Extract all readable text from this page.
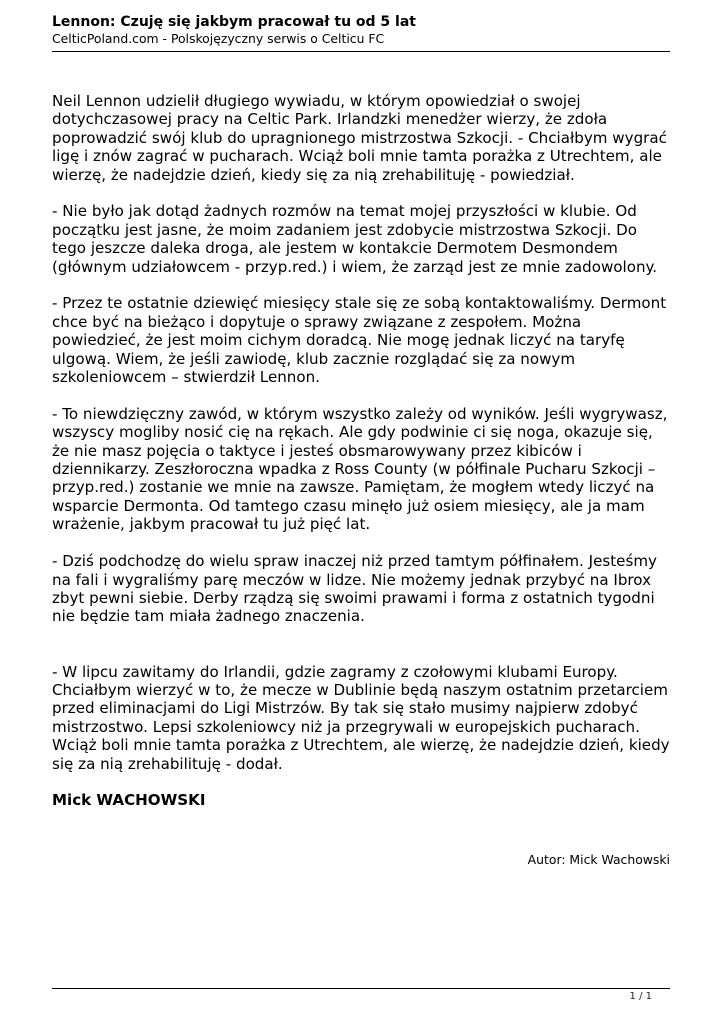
Lennon: Czuję się jakbym pracował tu od 5 lat

CelticPoland.com - Polskojęzyczny serwis o Celticu FC

Neil Lennon udzielił długiego wywiadu, w którym opowiedział o swojej dotychczasowej pracy na Celtic Park. Irlandzki menedżer wierzy, że zdoła poprowadzić swój klub do upragnionego mistrzostwa Szkocji. - Chciałbym wygrać ligę i znów zagrać w pucharach. Wciąż boli mnie tamta porażka z Utrechtem, ale wierzę, że nadejdzie dzień, kiedy się za nią zrehabilituję - powiedział.

- Nie było jak dotąd żadnych rozmów na temat mojej przyszłości w klubie. Od początku jest jasne, że moim zadaniem jest zdobycie mistrzostwa Szkocji. Do tego jeszcze daleka droga, ale jestem w kontakcie Dermotem Desmondem (głównym udziałowcem - przyp.red.) i wiem, że zarząd jest ze mnie zadowolony.

- Przez te ostatnie dziewięć miesięcy stale się ze sobą kontaktowaliśmy. Dermont chce być na bieżąco i dopytuje o sprawy związane z zespołem. Można powiedzieć, że jest moim cichym doradcą. Nie mogę jednak liczyć na taryfę ulgową. Wiem, że jeśli zawiodę, klub zacznie rozglądać się za nowym szkoleniowcem – stwierdził Lennon.

- To niewdzięczny zawód, w którym wszystko zależy od wyników. Jeśli wygrywasz, wszyscy mogliby nosić cię na rękach. Ale gdy podwinie ci się noga, okazuje się, że nie masz pojęcia o taktyce i jesteś obsmarowywany przez kibiców i dziennikarzy. Zeszłoroczna wpadka z Ross County (w półfinale Pucharu Szkocji – przyp.red.) zostanie we mnie na zawsze. Pamiętam, że mogłem wtedy liczyć na wsparcie Dermonta. Od tamtego czasu minęło już osiem miesięcy, ale ja mam wrażenie, jakbym pracował tu już pięć lat.

- Dziś podchodzę do wielu spraw inaczej niż przed tamtym półfinałem. Jesteśmy na fali i wygraliśmy parę meczów w lidze. Nie możemy jednak przybyć na Ibrox zbyt pewni siebie. Derby rządzą się swoimi prawami i forma z ostatnich tygodni nie będzie tam miała żadnego znaczenia.

- W lipcu zawitamy do Irlandii, gdzie zagramy z czołowymi klubami Europy. Chciałbym wierzyć w to, że mecze w Dublinie będą naszym ostatnim przetarciem przed eliminacjami do Ligi Mistrzów. By tak się stało musimy najpierw zdobyć mistrzostwo. Lepsi szkoleniowcy niż ja przegrywali w europejskich pucharach. Wciąż boli mnie tamta porażka z Utrechtem, ale wierzę, że nadejdzie dzień, kiedy się za nią zrehabilituję - dodał.

Mick WACHOWSKI

Autor: Mick Wachowski
1 / 1
